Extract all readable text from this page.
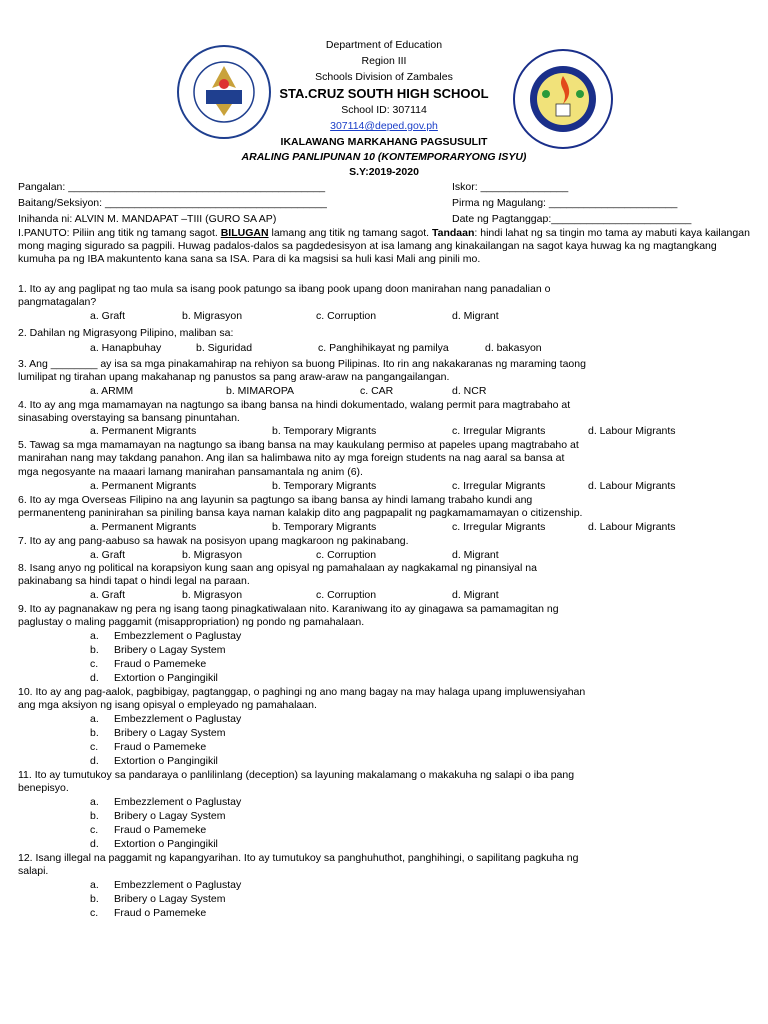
Department of Education
Region III
Schools Division of Zambales
STA.CRUZ SOUTH HIGH SCHOOL
School ID: 307114
307114@deped.gov.ph
IKALAWANG MARKAHANG PAGSUSULIT
ARALING PANLIPUNAN 10 (KONTEMPORARYONG ISYU)
S.Y:2019-2020
Pangalan: ____________________________________________	Iskor: _______________
Baitang/Seksiyon: ______________________________________	Pirma ng Magulang: ______________________
Inihanda ni: ALVIN M. MANDAPAT –TIII (GURO SA AP)	Date ng Pagtanggap:________________________
I.PANUTO: Piliin ang titik ng tamang sagot. BILUGAN lamang ang titik ng tamang sagot. Tandaan: hindi lahat ng sa tingin mo tama ay mabuti kaya kailangan mong maging sigurado sa pagpili. Huwag padalos-dalos sa pagdedesisyon at isa lamang ang kinakailangan na sagot kaya huwag ka ng magtangkang kumuha pa ng IBA makuntento kana sana sa ISA. Para di ka magsisi sa huli kasi Mali ang pinili mo.
1. Ito ay ang paglipat ng tao mula sa isang pook patungo sa ibang pook upang doon manirahan nang panadalian o
pangmatagalan?
a. Graft	b. Migrasyon	c. Corruption	d. Migrant
2. Dahilan ng Migrasyong Pilipino, maliban sa:
a. Hanapbuhay	b. Siguridad	c. Panghihikayat ng pamilya	d. bakasyon
3. Ang ________ ay isa sa mga pinakamahirap na rehiyon sa buong Pilipinas. Ito rin ang nakakaranas ng maraming taong
lumilipat ng tirahan upang makahanap ng panustos sa pang araw-araw na pangangailangan.
a. ARMM	b. MIMAROPA	c. CAR	d. NCR
4. Ito ay ang mga mamamayan na nagtungo sa ibang bansa na hindi dokumentado, walang permit para magtrabaho at
sinasabing overstaying sa bansang pinuntahan.
a. Permanent Migrants	b. Temporary Migrants	c. Irregular Migrants	d. Labour Migrants
5. Tawag sa mga mamamayan na nagtungo sa ibang bansa na may kaukulang permiso at papeles upang magtrabaho at
manirahan nang may takdang panahon. Ang ilan sa halimbawa nito ay mga foreign students na nag aaral sa bansa at
mga negosyante na maaari lamang manirahan pansamantala ng anim (6).
a. Permanent Migrants	b. Temporary Migrants	c. Irregular Migrants	d. Labour Migrants
6. Ito ay mga Overseas Filipino na ang layunin sa pagtungo sa ibang bansa ay hindi lamang trabaho kundi ang
permanenteng paninirahan sa piniling bansa kaya naman kalakip dito ang pagpapalit ng pagkamamamayan o citizenship.
a. Permanent Migrants	b. Temporary Migrants	c. Irregular Migrants	d. Labour Migrants
7. Ito ay ang pang-aabuso sa hawak na posisyon upang magkaroon ng pakinabang.
a. Graft	b. Migrasyon	c. Corruption	d. Migrant
8. Isang anyo ng political na korapsiyon kung saan ang opisyal ng pamahalaan ay nagkakamal ng pinansiyal na
pakinabang sa hindi tapat o hindi legal na paraan.
a. Graft	b. Migrasyon	c. Corruption	d. Migrant
9. Ito ay pagnanakaw ng pera ng isang taong pinagkatiwalaan nito. Karaniwang ito ay ginagawa sa pamamagitan ng
paglustay o maling paggamit (misappropriation) ng pondo ng pamahalaan.
a. Embezzlement o Paglustay
b. Bribery o Lagay System
c. Fraud o Pamemeke
d. Extortion o Pangingikil
10. Ito ay ang pag-aalok, pagbibigay, pagtanggap, o paghingi ng ano mang bagay na may halaga upang impluwensiyahan
ang mga aksiyon ng isang opisyal o empleyado ng pamahalaan.
a. Embezzlement o Paglustay
b. Bribery o Lagay System
c. Fraud o Pamemeke
d. Extortion o Pangingikil
11. Ito ay tumutukoy sa pandaraya o panlilinlang (deception) sa layuning makalamang o makakuha ng salapi o iba pang
benepisyo.
a. Embezzlement o Paglustay
b. Bribery o Lagay System
c. Fraud o Pamemeke
d. Extortion o Pangingikil
12. Isang illegal na paggamit ng kapangyarihan. Ito ay tumutukoy sa panghuhuthot, panghihingi, o sapilitang pagkuha ng
salapi.
a. Embezzlement o Paglustay
b. Bribery o Lagay System
c. Fraud o Pamemeke
